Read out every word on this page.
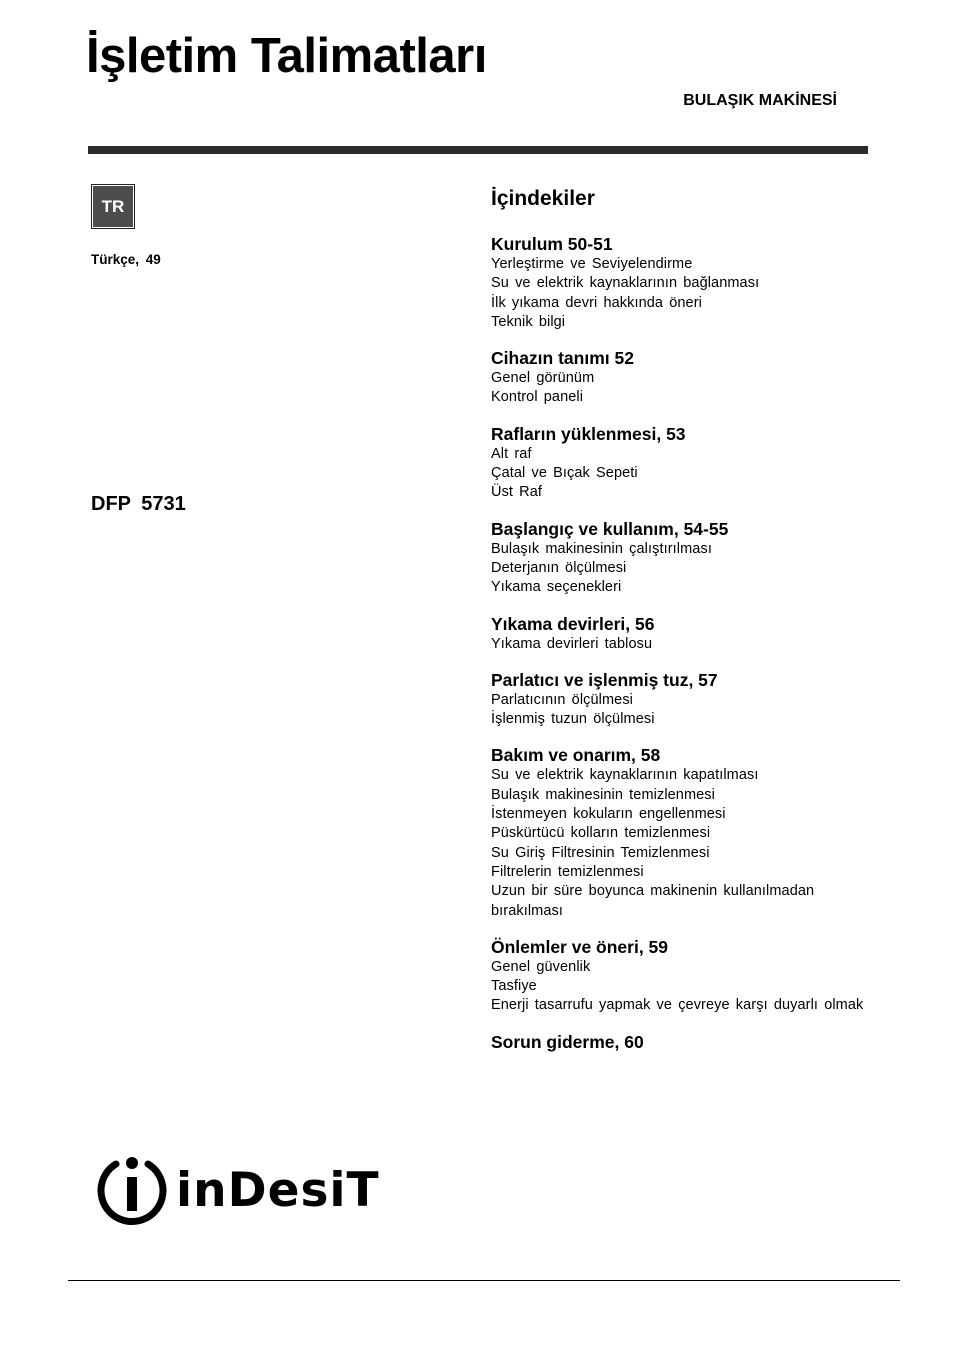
İşletim Talimatları
BULAŞIK MAKİNESİ
TR
Türkçe, 49
DFP 5731
İçindekiler
Kurulum 50-51
Yerleştirme ve Seviyelendirme
Su ve elektrik kaynaklarının bağlanması
İlk yıkama devri hakkında öneri
Teknik bilgi
Cihazın tanımı 52
Genel görünüm
Kontrol paneli
Rafların yüklenmesi, 53
Alt raf
Çatal ve Bıçak Sepeti
Üst Raf
Başlangıç ve kullanım, 54-55
Bulaşık makinesinin çalıştırılması
Deterjanın ölçülmesi
Yıkama seçenekleri
Yıkama devirleri, 56
Yıkama devirleri tablosu
Parlatıcı ve işlenmiş tuz, 57
Parlatıcının ölçülmesi
İşlenmiş tuzun ölçülmesi
Bakım ve onarım, 58
Su ve elektrik kaynaklarının kapatılması
Bulaşık makinesinin temizlenmesi
İstenmeyen kokuların engellenmesi
Püskürtücü kolların temizlenmesi
Su Giriş Filtresinin Temizlenmesi
Filtrelerin temizlenmesi
Uzun bir süre boyunca makinenin kullanılmadan bırakılması
Önlemler ve öneri, 59
Genel güvenlik
Tasfiye
Enerji tasarrufu yapmak ve çevreye karşı duyarlı olmak
Sorun giderme, 60
inDesiT
